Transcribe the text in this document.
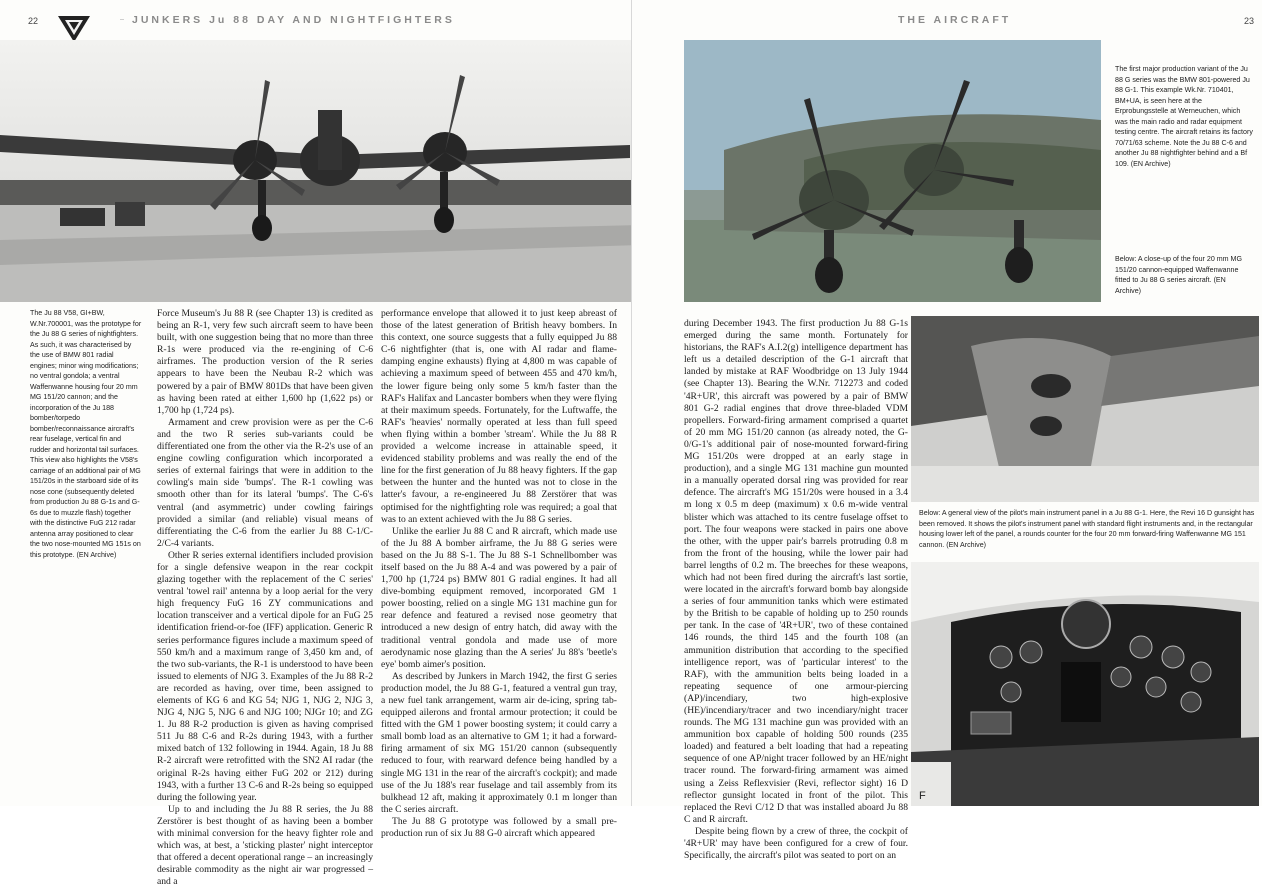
22	JUNKERS Ju 88 DAY AND NIGHTFIGHTERS
The Ju 88 V58, GI+BW, W.Nr.700001, was the prototype for the Ju 88 G series of nightfighters. As such, it was characterised by the use of BMW 801 radial engines; minor wing modifications; no ventral gondola; a ventral Waffenwanne housing four 20 mm MG 151/20 cannon; and the incorporation of the Ju 188 bomber/torpedo bomber/reconnaissance aircraft's rear fuselage, vertical fin and rudder and horizontal tail surfaces. This view also highlights the V58's carriage of an additional pair of MG 151/20s in the starboard side of its nose cone (subsequently deleted from production Ju 88 G-1s and G-6s due to muzzle flash) together with the distinctive FuG 212 radar antenna array positioned to clear the two nose-mounted MG 151s on this prototype. (EN Archive)

Force Museum's Ju 88 R (see Chapter 13) is credited as being an R-1, very few such aircraft seem to have been built, with one suggestion being that no more than three R-1s were produced via the re-engining of C-6 airframes. The production version of the R series appears to have been the Neubau R-2 which was powered by a pair of BMW 801Ds that have been given as having been rated at either 1,600 hp (1,622 ps) or 1,700 hp (1,724 ps).

Armament and crew provision were as per the C-6 and the two R series sub-variants could be differentiated one from the other via the R-2's use of an engine cowling configuration which incorporated a series of external fairings that were in addition to the cowling's main side 'bumps'. The R-1 cowling was smooth other than for its lateral 'bumps'. The C-6's ventral (and asymmetric) under cowling fairings provided a similar (and reliable) visual means of differentiating the C-6 from the earlier Ju 88 C-1/C-2/C-4 variants.

Other R series external identifiers included provision for a single defensive weapon in the rear cockpit glazing together with the replacement of the C series' ventral 'towel rail' antenna by a loop aerial for the very high frequency FuG 16 ZY communications and location transceiver and a vertical dipole for an FuG 25 identification friend-or-foe (IFF) application. Generic R series performance figures include a maximum speed of 550 km/h and a maximum range of 3,450 km and, of the two sub-variants, the R-1 is understood to have been issued to elements of NJG 3. Examples of the Ju 88 R-2 are recorded as having, over time, been assigned to elements of KG 6 and KG 54; NJG 1, NJG 2, NJG 3, NJG 4, NJG 5, NJG 6 and NJG 100; NJGr 10; and ZG 1. Ju 88 R-2 production is given as having comprised 511 Ju 88 C-6 and R-2s during 1943, with a further mixed batch of 132 following in 1944. Again, 18 Ju 88 R-2 aircraft were retrofitted with the SN2 AI radar (the original R-2s having either FuG 202 or 212) during 1943, with a further 13 C-6 and R-2s being so equipped during the following year.

Up to and including the Ju 88 R series, the Ju 88 Zerstörer is best thought of as having been a bomber with minimal conversion for the heavy fighter role and which was, at best, a 'sticking plaster' night interceptor that offered a decent operational range – an increasingly desirable commodity as the night air war progressed – and a

performance envelope that allowed it to just keep abreast of those of the latest generation of British heavy bombers. In this context, one source suggests that a fully equipped Ju 88 C-6 nightfighter (that is, one with AI radar and flame-damping engine exhausts) flying at 4,800 m was capable of achieving a maximum speed of between 455 and 470 km/h, the lower figure being only some 5 km/h faster than the RAF's Halifax and Lancaster bombers when they were flying at their maximum speeds. Fortunately, for the Luftwaffe, the RAF's 'heavies' normally operated at less than full speed when flying within a bomber 'stream'. While the Ju 88 R provided a welcome increase in attainable speed, it evidenced stability problems and was really the end of the line for the first generation of Ju 88 heavy fighters. If the gap between the hunter and the hunted was not to close in the latter's favour, a re-engineered Ju 88 Zerstörer that was optimised for the nightfighting role was required; a goal that was to an extent achieved with the Ju 88 G series.

Unlike the earlier Ju 88 C and R aircraft, which made use of the Ju 88 A bomber airframe, the Ju 88 G series were based on the Ju 88 S-1. The Ju 88 S-1 Schnellbomber was itself based on the Ju 88 A-4 and was powered by a pair of 1,700 hp (1,724 ps) BMW 801 G radial engines. It had all dive-bombing equipment removed, incorporated GM 1 power boosting, relied on a single MG 131 machine gun for rear defence and featured a revised nose geometry that introduced a new design of entry hatch, did away with the traditional ventral gondola and made use of more aerodynamic nose glazing than the A series' Ju 88's 'beetle's eye' bomb aimer's position.

As described by Junkers in March 1942, the first G series production model, the Ju 88 G-1, featured a ventral gun tray, a new fuel tank arrangement, warm air de-icing, spring tab-equipped ailerons and frontal armour protection; it could be fitted with the GM 1 power boosting system; it could carry a small bomb load as an alternative to GM 1; it had a forward-firing armament of six MG 151/20 cannon (subsequently reduced to four, with rearward defence being handled by a single MG 131 in the rear of the aircraft's cockpit); and made use of the Ju 188's rear fuselage and tail assembly from its bulkhead 12 aft, making it approximately 0.1 m longer than the C series aircraft.

The Ju 88 G prototype was followed by a small pre-production run of six Ju 88 G-0 aircraft which appeared

THE AIRCRAFT	23
The first major production variant of the Ju 88 G series was the BMW 801-powered Ju 88 G-1. This example Wk.Nr. 710401, BM+UA, is seen here at the Erprobungsstelle at Werneuchen, which was the main radio and radar equipment testing centre. The aircraft retains its factory 70/71/63 scheme. Note the Ju 88 C-6 and another Ju 88 nightfighter behind and a Bf 109. (EN Archive)
Below: A close-up of the four 20 mm MG 151/20 cannon-equipped Waffenwanne fitted to Ju 88 G series aircraft. (EN Archive)

during December 1943. The first production Ju 88 G-1s emerged during the same month. Fortunately for historians, the RAF's A.I.2(g) intelligence department has left us a detailed description of the G-1 aircraft that landed by mistake at RAF Woodbridge on 13 July 1944 (see Chapter 13). Bearing the W.Nr. 712273 and coded '4R+UR', this aircraft was powered by a pair of BMW 801 G-2 radial engines that drove three-bladed VDM propellers. Forward-firing armament comprised a quartet of 20 mm MG 151/20 cannon (as already noted, the G-0/G-1's additional pair of nose-mounted forward-firing MG 151/20s were dropped at an early stage in production), and a single MG 131 machine gun mounted in a manually operated dorsal ring was provided for rear defence. The aircraft's MG 151/20s were housed in a 3.4 m long x 0.5 m deep (maximum) x 0.6 m-wide ventral blister which was attached to its centre fuselage offset to port. The four weapons were stacked in pairs one above the other, with the upper pair's barrels protruding 0.8 m from the front of the housing, while the lower pair had barrel lengths of 0.2 m. The breeches for these weapons, which had not been fired during the aircraft's last sortie, were located in the aircraft's forward bomb bay alongside a series of four ammunition tanks which were estimated by the British to be capable of holding up to 250 rounds per tank. In the case of '4R+UR', two of these contained 146 rounds, the third 145 and the fourth 108 (an ammunition distribution that according to the specified intelligence report, was of 'particular interest' to the RAF), with the ammunition belts being loaded in a repeating sequence of one armour-piercing (AP)/incendiary, two high-explosive (HE)/incendiary/tracer and two incendiary/night tracer rounds. The MG 131 machine gun was provided with an ammunition box capable of holding 500 rounds (235 loaded) and featured a belt loading that had a repeating sequence of one AP/night tracer followed by an HE/night tracer round. The forward-firing armament was aimed using a Zeiss Reflexvisier (Revi, reflector sight) 16 D reflector gunsight located in front of the pilot. This replaced the Revi C/12 D that was installed aboard Ju 88 C and R aircraft.

Despite being flown by a crew of three, the cockpit of '4R+UR' may have been configured for a crew of four. Specifically, the aircraft's pilot was seated to port on an

Below: A general view of the pilot's main instrument panel in a Ju 88 G-1. Here, the Revi 16 D gunsight has been removed. It shows the pilot's instrument panel with standard flight instruments and, in the rectangular housing lower left of the panel, a rounds counter for the four 20 mm forward-firing Waffenwanne MG 151 cannon. (EN Archive)
F
